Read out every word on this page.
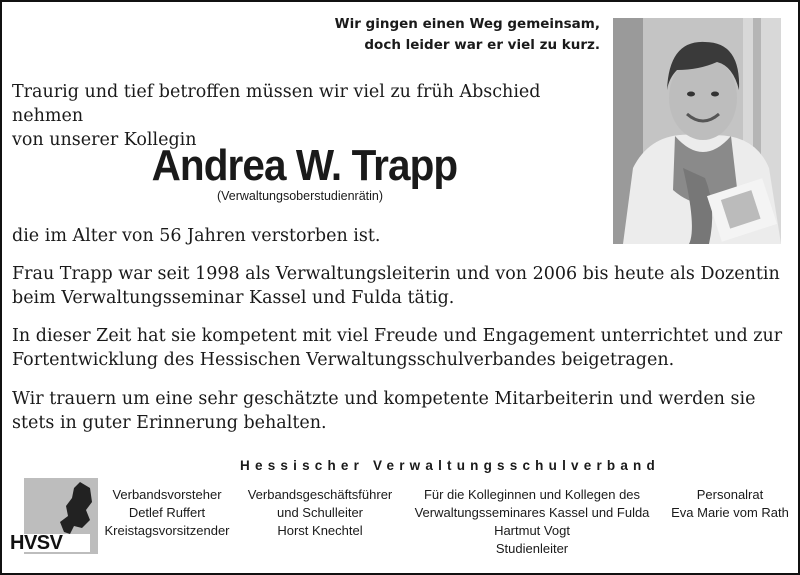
Wir gingen einen Weg gemeinsam,
doch leider war er viel zu kurz.
Traurig und tief betroffen müssen wir viel zu früh Abschied nehmen
von unserer Kollegin
Andrea W. Trapp
(Verwaltungsoberstudienrätin)
die im Alter von 56 Jahren verstorben ist.
Frau Trapp war seit 1998 als Verwaltungsleiterin und von 2006 bis heute als Dozentin beim Verwaltungsseminar Kassel und Fulda tätig.
In dieser Zeit hat sie kompetent mit viel Freude und Engagement unterrichtet und zur Fortentwicklung des Hessischen Verwaltungsschulverbandes beigetragen.
Wir trauern um eine sehr geschätzte und kompetente Mitarbeiterin und werden sie stets in guter Erinnerung behalten.
Hessischer Verwaltungsschulverband
HVSV
Verbandsvorsteher
Detlef Ruffert
Kreistagsvorsitzender
Verbandsgeschäftsführer
und Schulleiter
Horst Knechtel
Für die Kolleginnen und Kollegen des
Verwaltungsseminares Kassel und Fulda
Hartmut Vogt
Studienleiter
Personalrat
Eva Marie vom Rath
